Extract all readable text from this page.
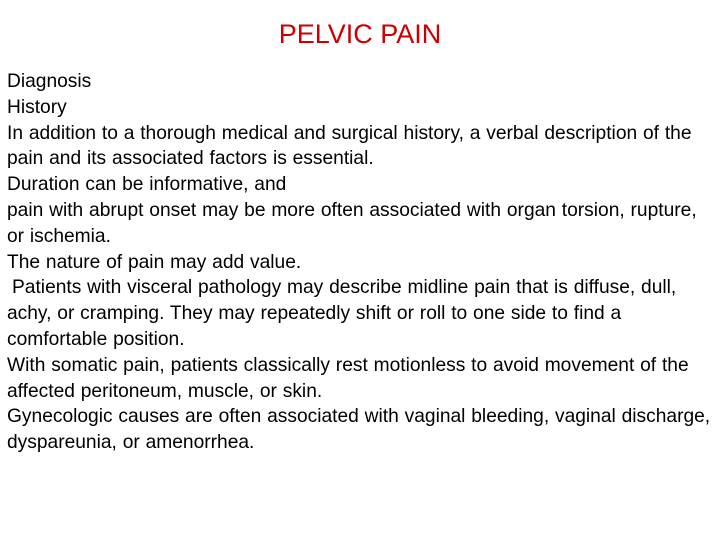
PELVIC PAIN

Diagnosis

History

In addition to a thorough medical and surgical history, a verbal description of the pain and its associated factors is essential.

Duration can be informative, and

pain with abrupt onset may be more often associated with organ torsion, rupture, or ischemia.

The nature of pain may add value.

Patients with visceral pathology may describe midline pain that is diffuse, dull, achy, or cramping. They may repeatedly shift or roll to one side to find a comfortable position.

With somatic pain, patients classically rest motionless to avoid movement of the affected peritoneum, muscle, or skin.

Gynecologic causes are often associated with vaginal bleeding, vaginal discharge, dyspareunia, or amenorrhea.
